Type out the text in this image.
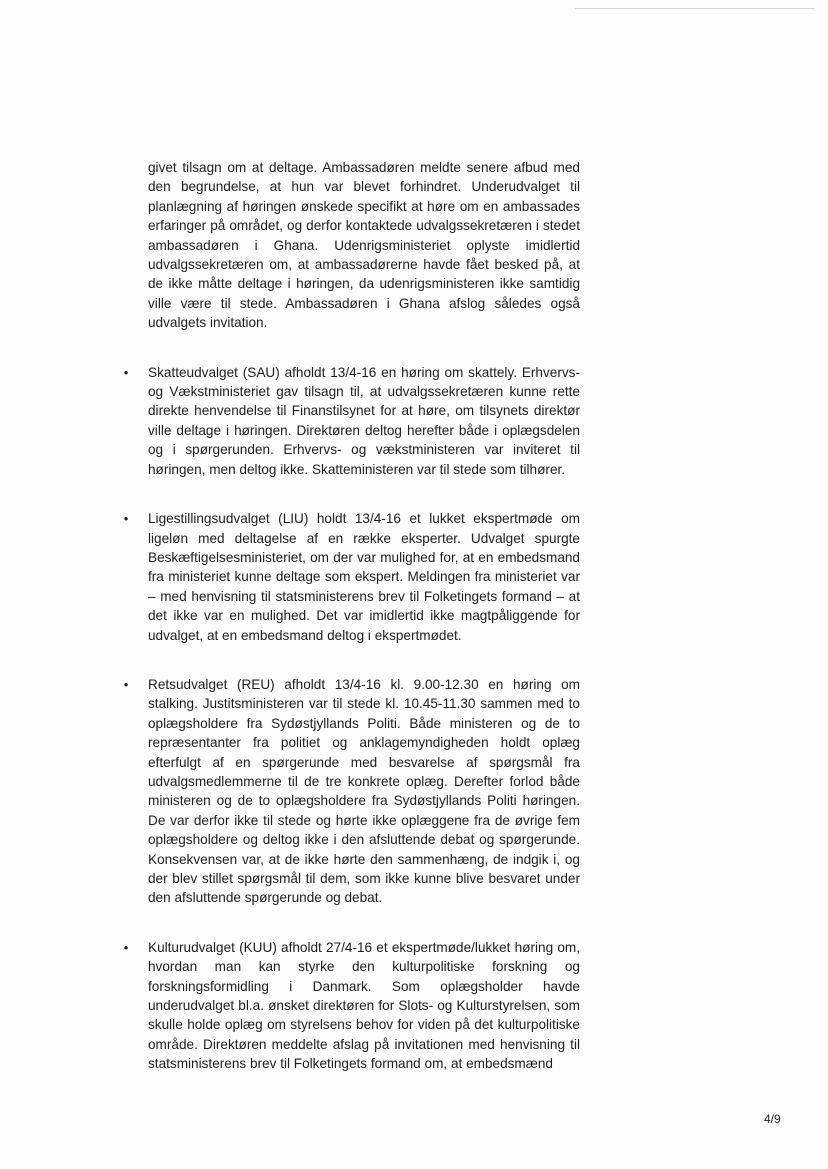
givet tilsagn om at deltage. Ambassadøren meldte senere afbud med den begrundelse, at hun var blevet forhindret. Underudvalget til planlægning af høringen ønskede specifikt at høre om en ambassades erfaringer på området, og derfor kontaktede udvalgssekretæren i stedet ambassadøren i Ghana. Udenrigsministeriet oplyste imidlertid udvalgssekretæren om, at ambassadørerne havde fået besked på, at de ikke måtte deltage i høringen, da udenrigsministeren ikke samtidig ville være til stede. Ambassadøren i Ghana afslog således også udvalgets invitation.

• Skatteudvalget (SAU) afholdt 13/4-16 en høring om skattely. Erhvervs- og Vækstministeriet gav tilsagn til, at udvalgssekretæren kunne rette direkte henvendelse til Finanstilsynet for at høre, om tilsynets direktør ville deltage i høringen. Direktøren deltog herefter både i oplægsdelen og i spørgerunden. Erhvervs- og vækstministeren var inviteret til høringen, men deltog ikke. Skatteministeren var til stede som tilhører.
• Ligestillingsudvalget (LIU) holdt 13/4-16 et lukket ekspertmøde om ligeløn med deltagelse af en række eksperter. Udvalget spurgte Beskæftigelsesministeriet, om der var mulighed for, at en embedsmand fra ministeriet kunne deltage som ekspert. Meldingen fra ministeriet var – med henvisning til statsministerens brev til Folketingets formand – at det ikke var en mulighed. Det var imidlertid ikke magtpåliggende for udvalget, at en embedsmand deltog i ekspertmødet.
• Retsudvalget (REU) afholdt 13/4-16 kl. 9.00-12.30 en høring om stalking. Justitsministeren var til stede kl. 10.45-11.30 sammen med to oplægsholdere fra Sydøstjyllands Politi. Både ministeren og de to repræsentanter fra politiet og anklagemyndigheden holdt oplæg efterfulgt af en spørgerunde med besvarelse af spørgsmål fra udvalgsmedlemmerne til de tre konkrete oplæg. Derefter forlod både ministeren og de to oplægsholdere fra Sydøstjyllands Politi høringen. De var derfor ikke til stede og hørte ikke oplæggene fra de øvrige fem oplægsholdere og deltog ikke i den afsluttende debat og spørgerunde. Konsekvensen var, at de ikke hørte den sammenhæng, de indgik i, og der blev stillet spørgsmål til dem, som ikke kunne blive besvaret under den afsluttende spørgerunde og debat.
• Kulturudvalget (KUU) afholdt 27/4-16 et ekspertmøde/lukket høring om, hvordan man kan styrke den kulturpolitiske forskning og forskningsformidling i Danmark. Som oplægsholder havde underudvalget bl.a. ønsket direktøren for Slots- og Kulturstyrelsen, som skulle holde oplæg om styrelsens behov for viden på det kulturpolitiske område. Direktøren meddelte afslag på invitationen med henvisning til statsministerens brev til Folketingets formand om, at embedsmænd
4/9
